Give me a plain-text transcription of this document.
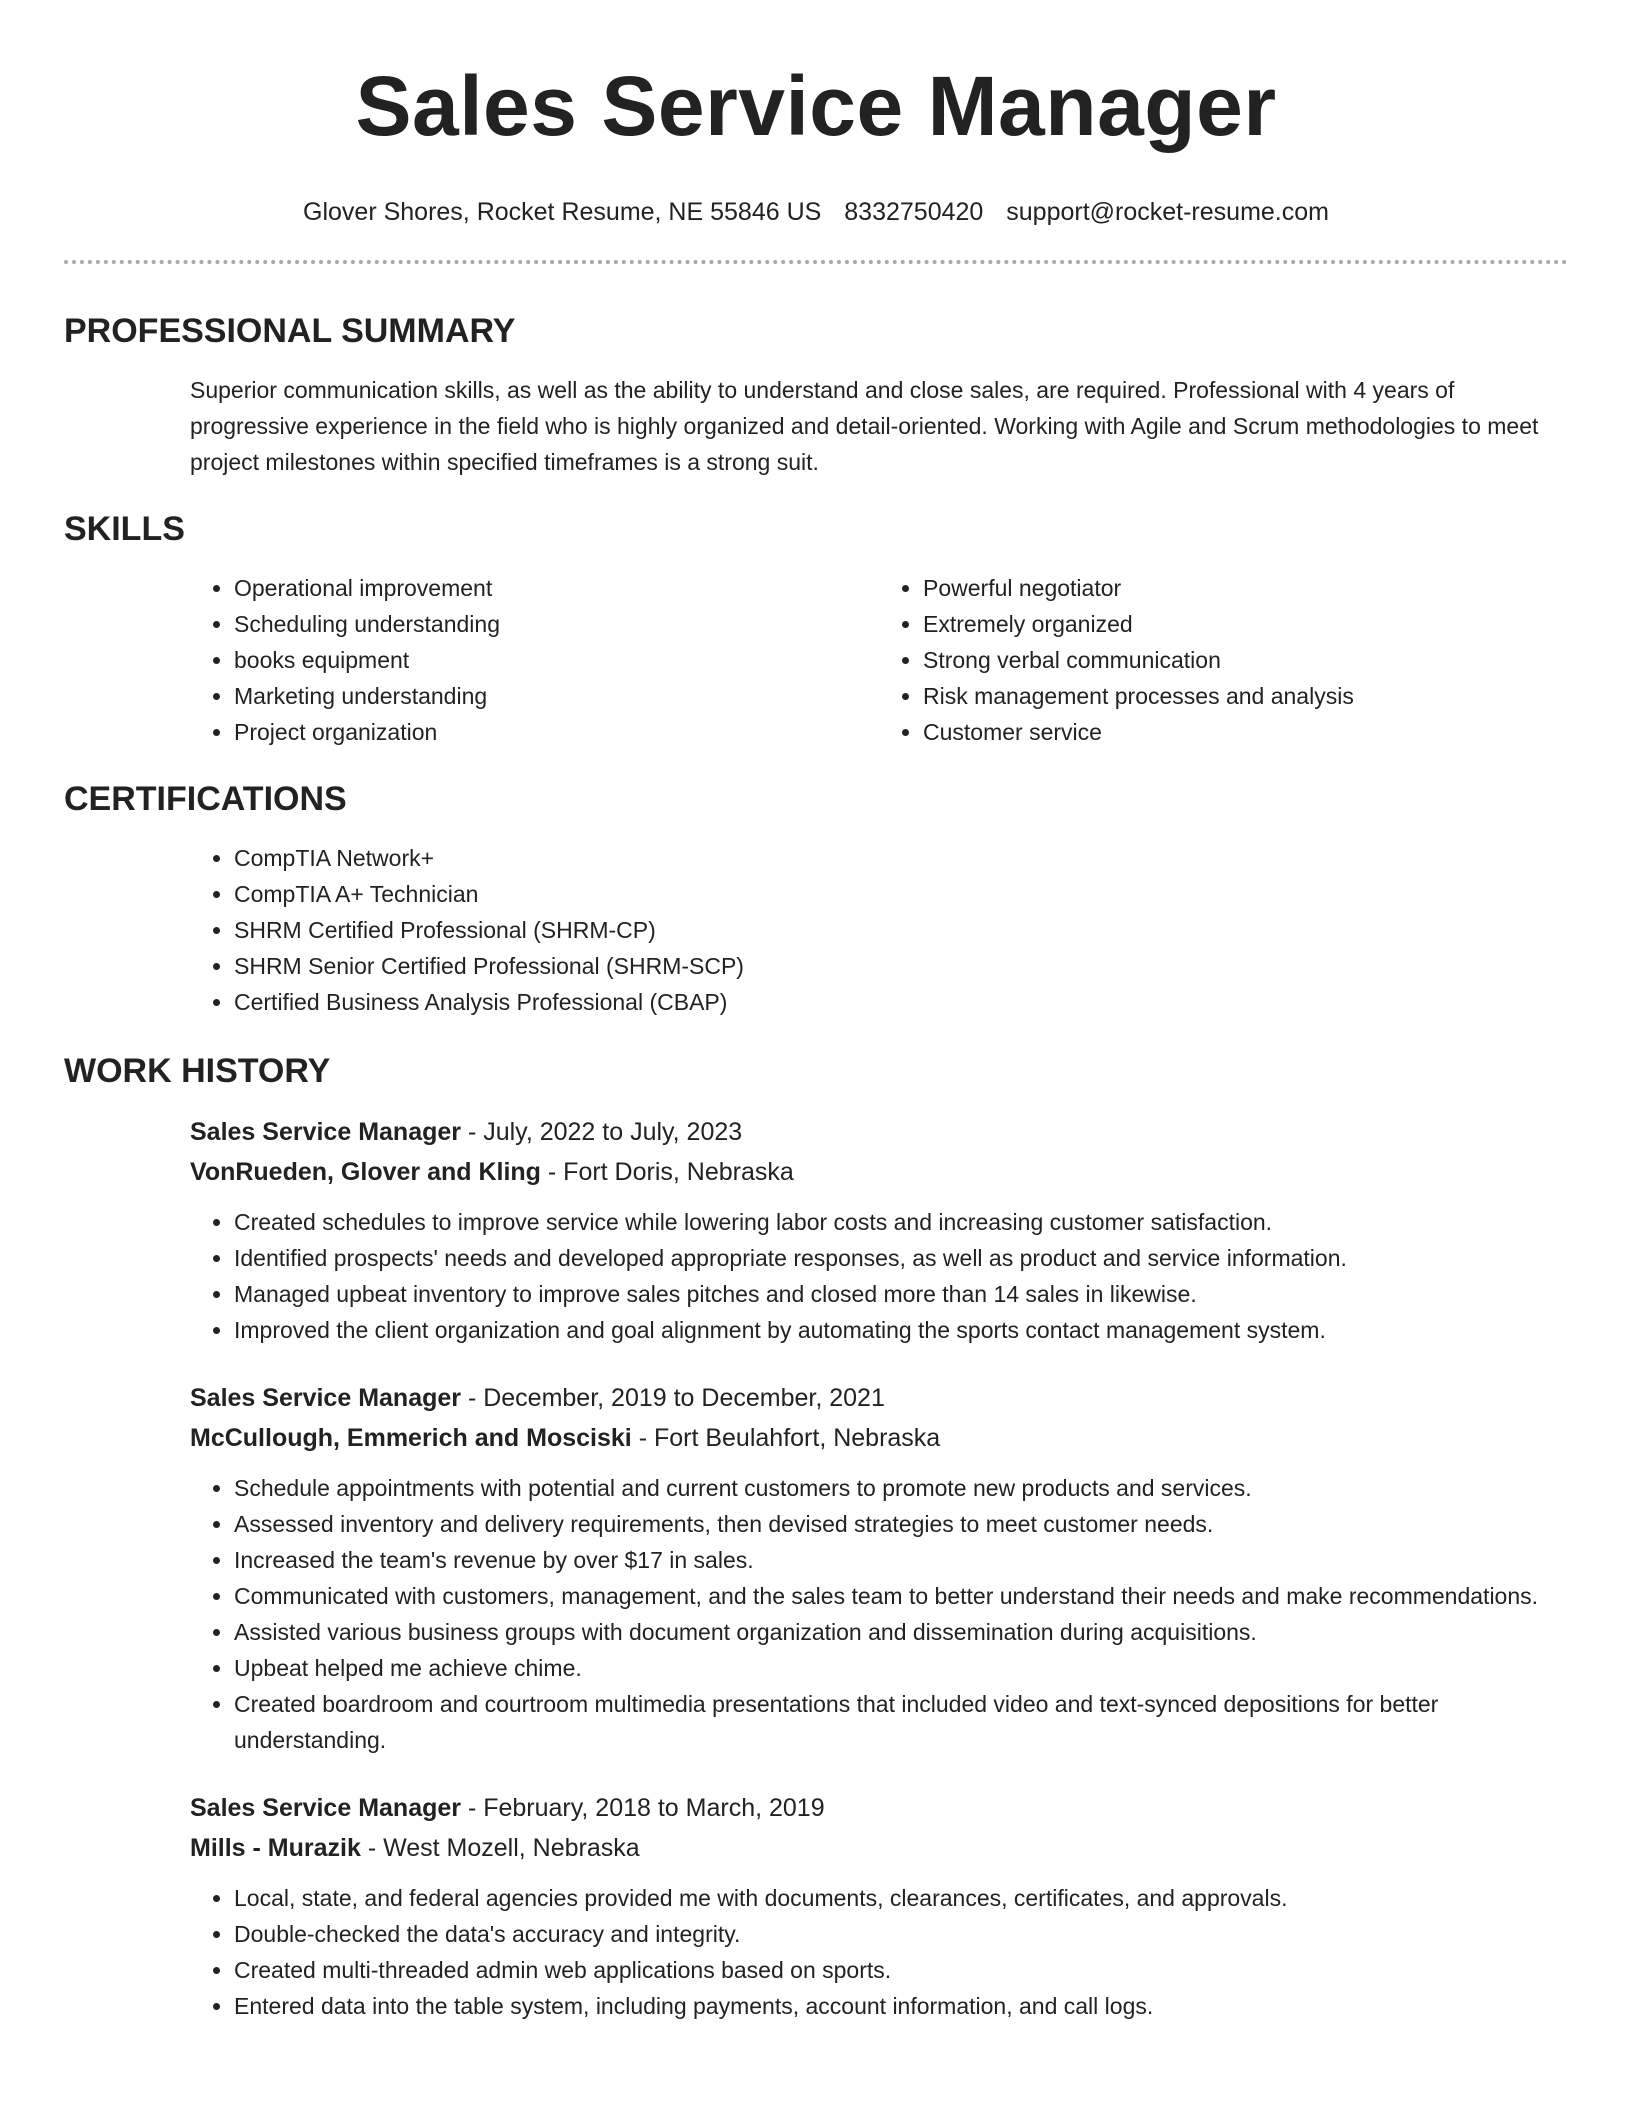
Sales Service Manager
Glover Shores, Rocket Resume, NE 55846 US 8332750420 support@rocket-resume.com
PROFESSIONAL SUMMARY
Superior communication skills, as well as the ability to understand and close sales, are required. Professional with 4 years of progressive experience in the field who is highly organized and detail-oriented. Working with Agile and Scrum methodologies to meet project milestones within specified timeframes is a strong suit.
SKILLS
• Operational improvement
• Scheduling understanding
• books equipment
• Marketing understanding
• Project organization
• Powerful negotiator
• Extremely organized
• Strong verbal communication
• Risk management processes and analysis
• Customer service
CERTIFICATIONS
• CompTIA Network+
• CompTIA A+ Technician
• SHRM Certified Professional (SHRM-CP)
• SHRM Senior Certified Professional (SHRM-SCP)
• Certified Business Analysis Professional (CBAP)
WORK HISTORY
Sales Service Manager - July, 2022 to July, 2023
VonRueden, Glover and Kling - Fort Doris, Nebraska
• Created schedules to improve service while lowering labor costs and increasing customer satisfaction.
• Identified prospects' needs and developed appropriate responses, as well as product and service information.
• Managed upbeat inventory to improve sales pitches and closed more than 14 sales in likewise.
• Improved the client organization and goal alignment by automating the sports contact management system.
Sales Service Manager - December, 2019 to December, 2021
McCullough, Emmerich and Mosciski - Fort Beulahfort, Nebraska
• Schedule appointments with potential and current customers to promote new products and services.
• Assessed inventory and delivery requirements, then devised strategies to meet customer needs.
• Increased the team's revenue by over $17 in sales.
• Communicated with customers, management, and the sales team to better understand their needs and make recommendations.
• Assisted various business groups with document organization and dissemination during acquisitions.
• Upbeat helped me achieve chime.
• Created boardroom and courtroom multimedia presentations that included video and text-synced depositions for better understanding.
Sales Service Manager - February, 2018 to March, 2019
Mills - Murazik - West Mozell, Nebraska
• Local, state, and federal agencies provided me with documents, clearances, certificates, and approvals.
• Double-checked the data's accuracy and integrity.
• Created multi-threaded admin web applications based on sports.
• Entered data into the table system, including payments, account information, and call logs.
